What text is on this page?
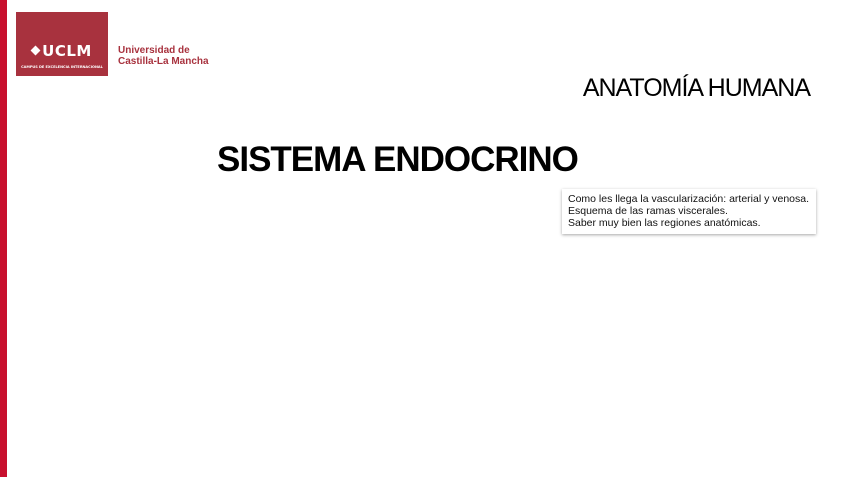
UCLM
CAMPUS DE EXCELENCIA INTERNACIONAL
Universidad de
Castilla-La Mancha
ANATOMÍA HUMANA
SISTEMA ENDOCRINO
Como les llega la vascularización: arterial y venosa.
Esquema de las ramas viscerales.
Saber muy bien las regiones anatómicas.
